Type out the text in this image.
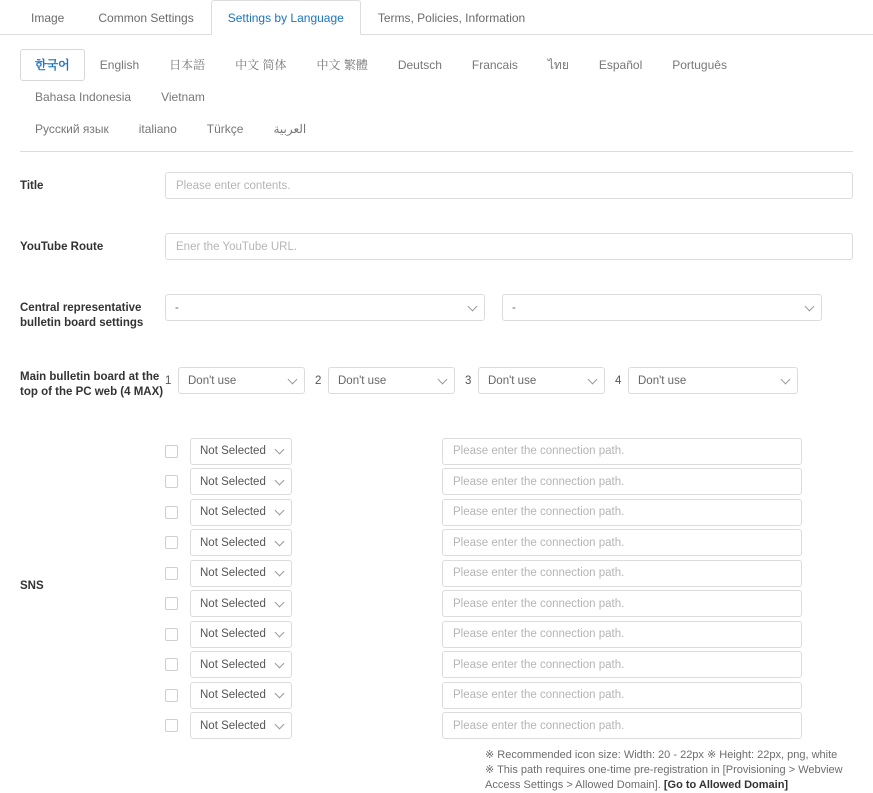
Image	Common Settings	Settings by Language	Terms, Policies, Information
한국어	English	日本語	中文 简体	中文 繁體	Deutsch	Francais	ไทย	Español	Português
Bahasa Indonesia	Vietnam
Русский язык	italiano	Türkçe	العربية
Title
Please enter contents.
YouTube Route
Ener the YouTube URL.
Central representative bulletin board settings
-	-
Main bulletin board at the top of the PC web (4 MAX)
1	Don't use	2	Don't use	3	Don't use	4	Don't use
SNS
Not Selected
Please enter the connection path.
Not Selected
Please enter the connection path.
Not Selected
Please enter the connection path.
Not Selected
Please enter the connection path.
Not Selected
Please enter the connection path.
Not Selected
Please enter the connection path.
Not Selected
Please enter the connection path.
Not Selected
Please enter the connection path.
Not Selected
Please enter the connection path.
Not Selected
Please enter the connection path.
※ Recommended icon size: Width: 20 - 22px ※ Height: 22px, png, white
※ This path requires one-time pre-registration in [Provisioning > Webview Access Settings > Allowed Domain]. [Go to Allowed Domain]
